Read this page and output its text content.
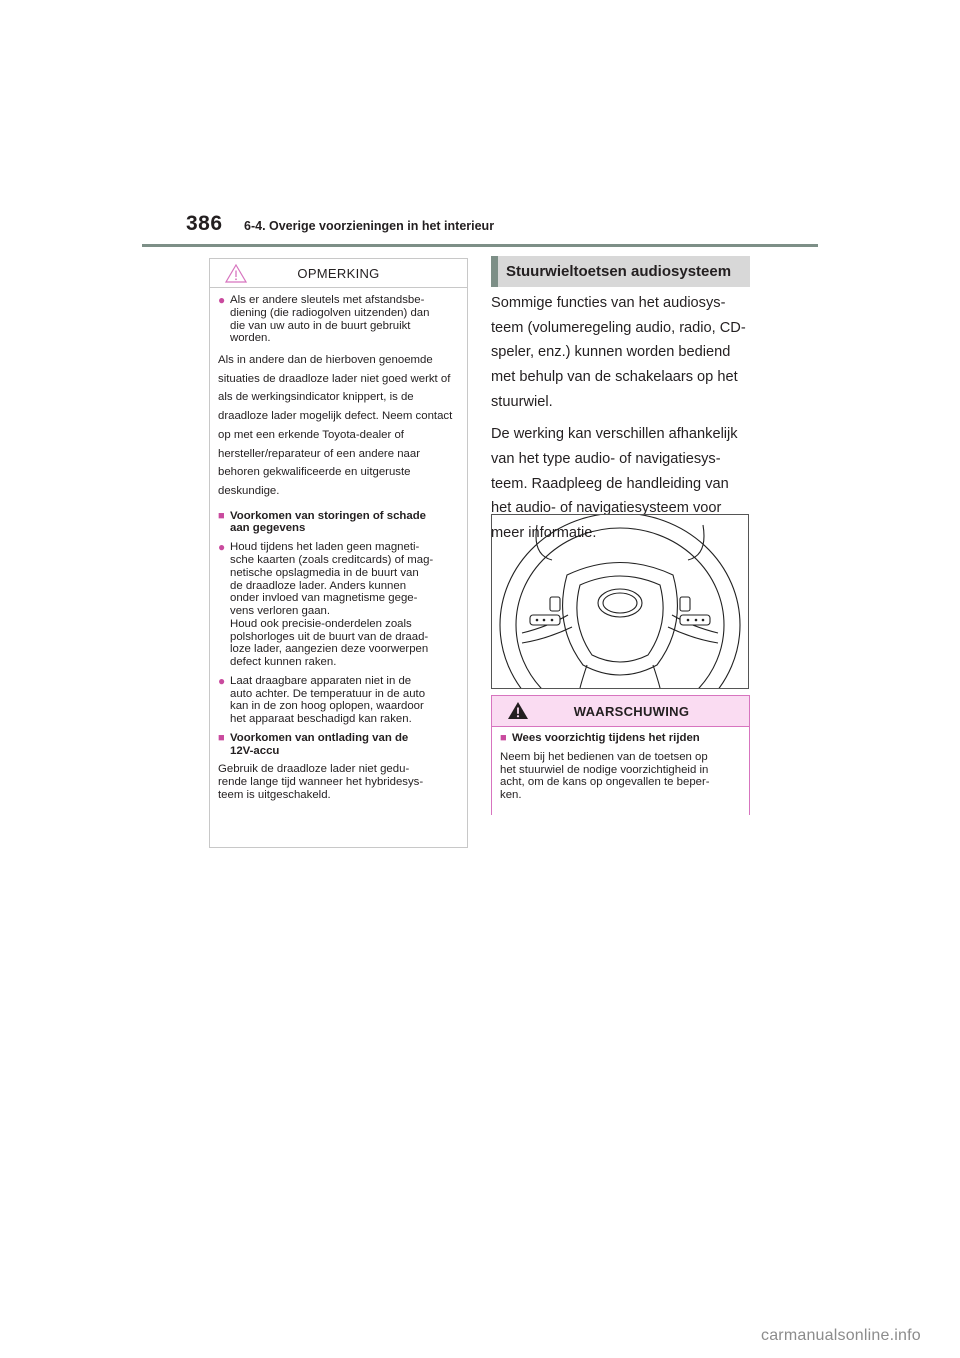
386 6-4. Overige voorzieningen in het interieur
OPMERKING
● Als er andere sleutels met afstandsbe-
diening (die radiogolven uitzenden) dan
die van uw auto in de buurt gebruikt
worden.
Als in andere dan de hierboven genoemde situaties de draadloze lader niet goed werkt of als de werkingsindicator knippert, is de draadloze lader mogelijk defect. Neem contact op met een erkende Toyota-dealer of hersteller/reparateur of een andere naar behoren gekwalificeerde en uitgeruste deskundige.
■ Voorkomen van storingen of schade
aan gegevens
● Houd tijdens het laden geen magneti-
sche kaarten (zoals creditcards) of mag-
netische opslagmedia in de buurt van
de draadloze lader. Anders kunnen
onder invloed van magnetisme gege-
vens verloren gaan.
Houd ook precisie-onderdelen zoals
polshorloges uit de buurt van de draad-
loze lader, aangezien deze voorwerpen
defect kunnen raken.
● Laat draagbare apparaten niet in de
auto achter. De temperatuur in de auto
kan in de zon hoog oplopen, waardoor
het apparaat beschadigd kan raken.
■ Voorkomen van ontlading van de
12V-accu
Gebruik de draadloze lader niet gedu-
rende lange tijd wanneer het hybridesys-
teem is uitgeschakeld.
Stuurwieltoetsen audiosysteem

Sommige functies van het audiosys-
teem (volumeregeling audio, radio, CD-
speler, enz.) kunnen worden bediend
met behulp van de schakelaars op het
stuurwiel.

De werking kan verschillen afhankelijk
van het type audio- of navigatiesys-
teem. Raadpleeg de handleiding van
het audio- of navigatiesysteem voor
meer informatie.

WAARSCHUWING
■ Wees voorzichtig tijdens het rijden
Neem bij het bedienen van de toetsen op
het stuurwiel de nodige voorzichtigheid in
acht, om de kans op ongevallen te beper-
ken.
carmanualsonline.info
